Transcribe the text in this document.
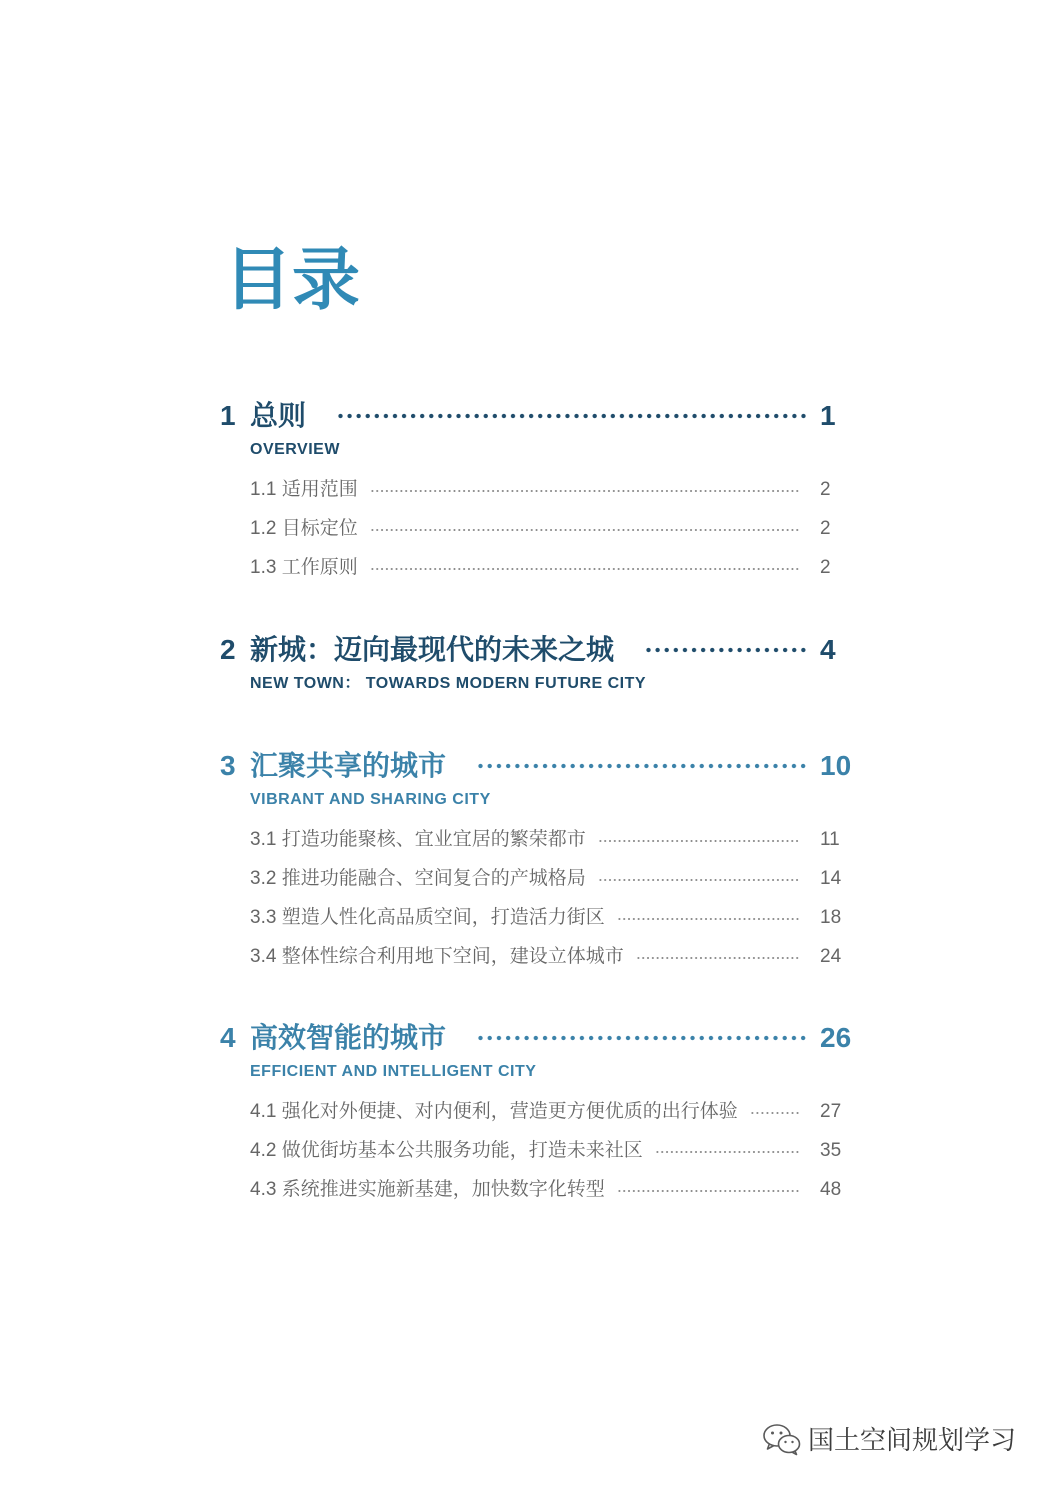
目录
1 总则	1
OVERVIEW
1.1 适用范围	2
1.2 目标定位	2
1.3 工作原则	2
2 新城：迈向最现代的未来之城	4
NEW TOWN： TOWARDS MODERN FUTURE CITY
3 汇聚共享的城市	10
VIBRANT AND SHARING CITY
3.1 打造功能聚核、宜业宜居的繁荣都市	11
3.2 推进功能融合、空间复合的产城格局	14
3.3 塑造人性化高品质空间，打造活力街区	18
3.4 整体性综合利用地下空间，建设立体城市	24
4 高效智能的城市	26
EFFICIENT AND INTELLIGENT CITY
4.1 强化对外便捷、对内便利，营造更方便优质的出行体验	27
4.2 做优街坊基本公共服务功能，打造未来社区	35
4.3 系统推进实施新基建，加快数字化转型	48
国土空间规划学习
